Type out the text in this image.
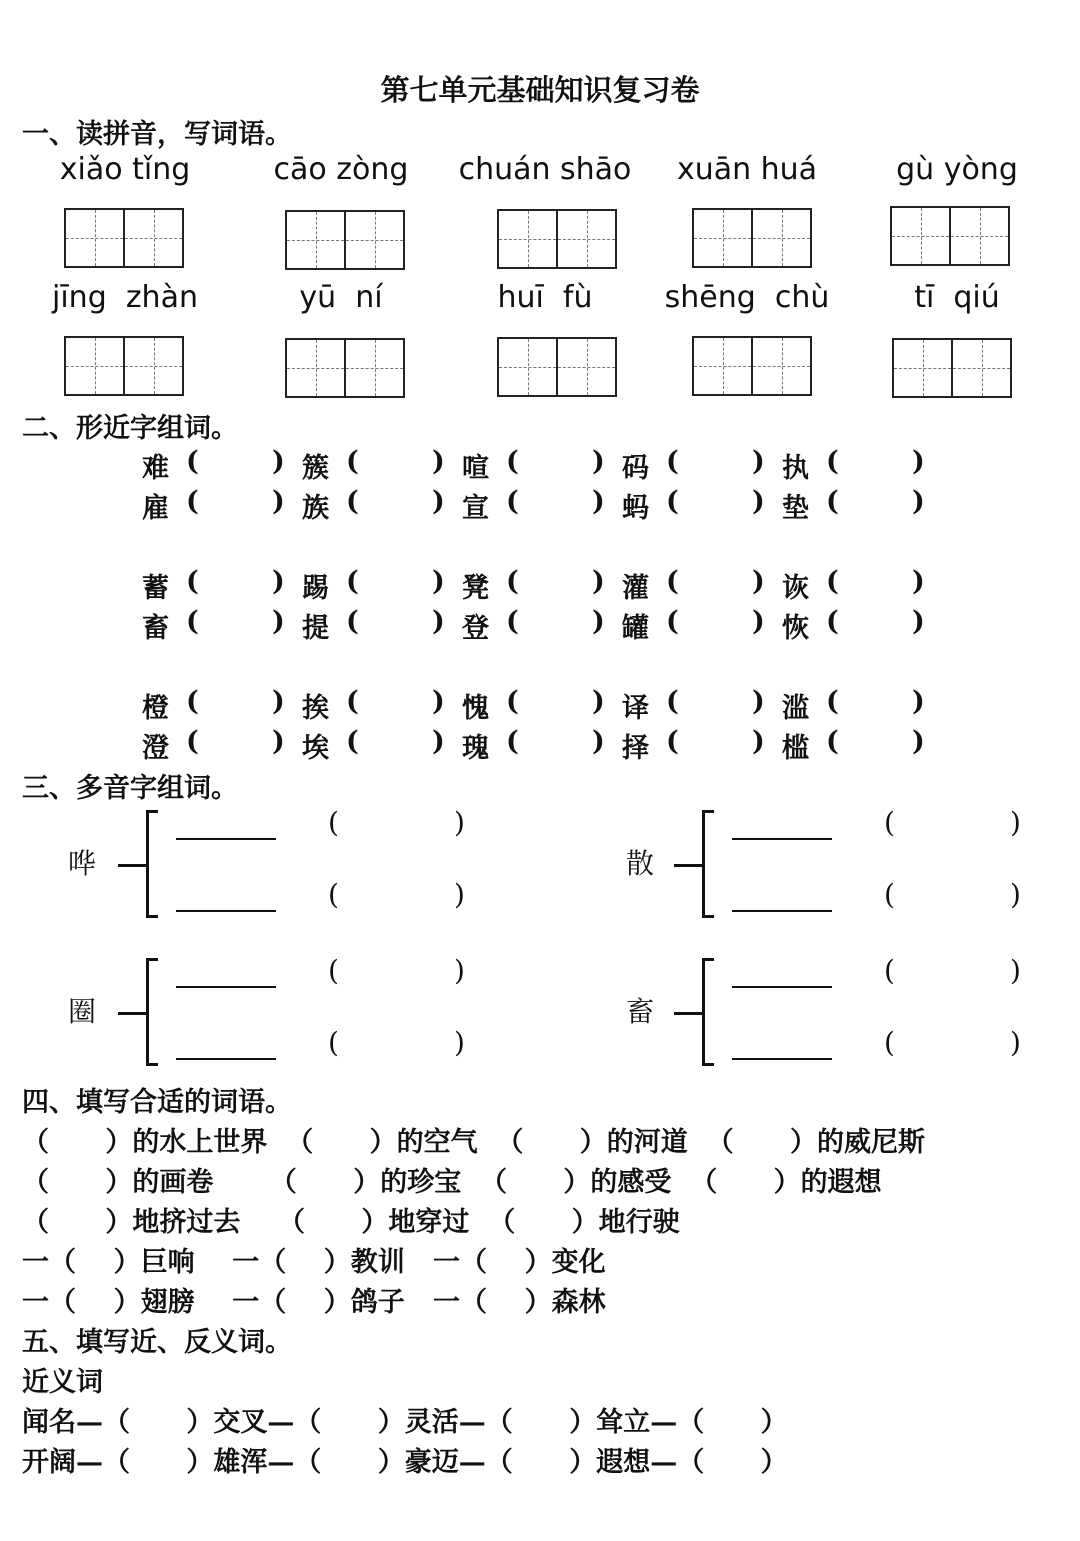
第七单元基础知识复习卷
一、读拼音，写词语。
xiǎo tǐng	cāo zòng	chuán shāo	xuān huá	gù yòng
jīng  zhàn	yū  ní	huī  fù	shēng  chù	tī  qiú
二、形近字组词。
难 (	) 簇 (	) 喧 (	) 码 (	) 执 (	)
雇 (	) 族 (	) 宣 (	) 蚂 (	) 垫 (	)
蓄 (	) 踢 (	) 凳 (	) 灌 (	) 诙 (	)
畜 (	) 提 (	) 登 (	) 罐 (	) 恢 (	)
橙 (	) 挨 (	) 愧 (	) 译 (	) 滥 (	)
澄 (	) 埃 (	) 瑰 (	) 择 (	) 槛 (	)
三、多音字组词。
哗
(	)
(	)
散
(	)
(	)
圈
(	)
(	)
畜
(	)
(	)
四、填写合适的词语。
（      ）的水上世界  （      ）的空气  （      ）的河道  （      ）的威尼斯
（      ）的画卷      （      ）的珍宝  （      ）的感受  （      ）的遐想
（      ）地挤过去    （      ）地穿过  （      ）地行驶
一（    ）巨响    一（    ）教训   一（    ）变化
一（    ）翅膀    一（    ）鸽子   一（    ）森林
五、填写近、反义词。
近义词
闻名—（      ）交叉—（      ）灵活—（      ）耸立—（      ）
开阔—（      ）雄浑—（      ）豪迈—（      ）遐想—（      ）
